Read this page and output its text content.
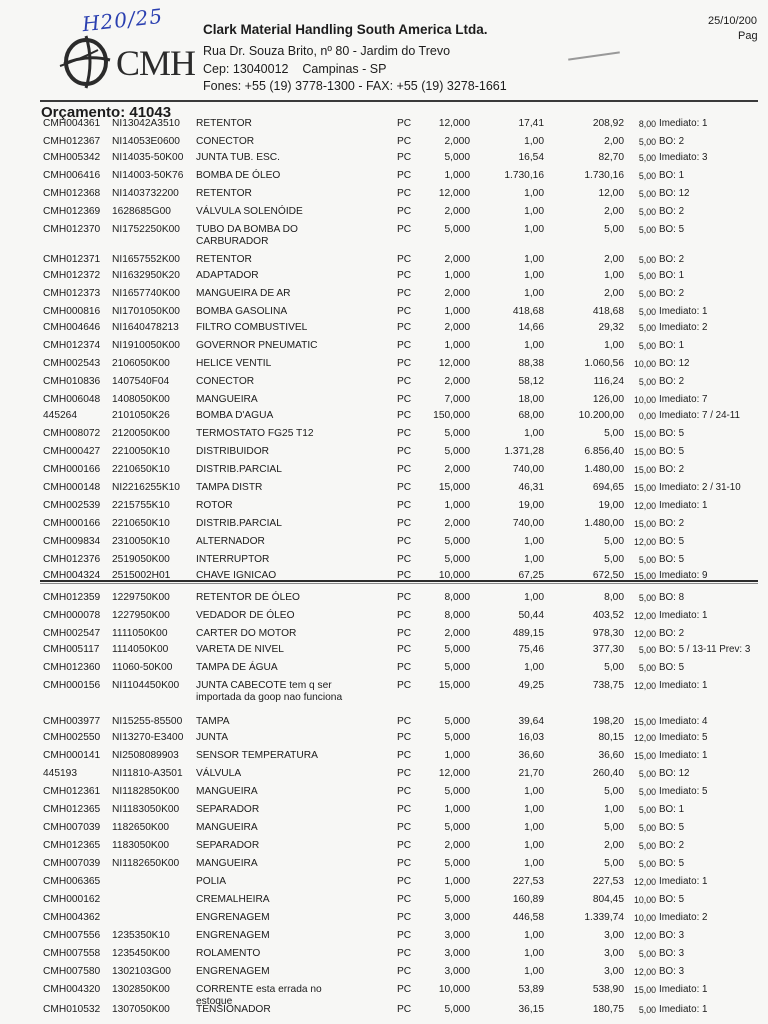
H20/25
CMH
Clark Material Handling South America Ltda.
Rua Dr. Souza Brito, nº 80 - Jardim do Trevo
Cep: 13040012    Campinas - SP
Fones: +55 (19) 3778-1300 - FAX: +55 (19) 3278-1661
25/10/200
Pag
Orçamento: 41043
CMH004361 NI13042A3510 RETENTOR	PC	12,000	17,41	208,92	8,00 Imediato: 1
CMH012367 NI14053E0600 CONECTOR	PC	2,000	1,00	2,00	5,00 BO: 2
CMH005342 NI14035-50K00 JUNTA TUB. ESC.	PC	5,000	16,54	82,70	5,00 Imediato: 3
CMH006416 NI14003-50K76 BOMBA DE ÓLEO	PC	1,000	1.730,16	1.730,16	5,00 BO: 1
CMH012368 NI1403732200 RETENTOR	PC	12,000	1,00	12,00	5,00 BO: 12
CMH012369 1628685G00 VÁLVULA SOLENÓIDE	PC	2,000	1,00	2,00	5,00 BO: 2
CMH012370 NI1752250K00 TUBO DA BOMBA DO CARBURADOR
PC	5,000	1,00	5,00	5,00 BO: 5
CMH012371 NI1657552K00 RETENTOR	PC	2,000	1,00	2,00	5,00 BO: 2
CMH012372 NI1632950K20 ADAPTADOR	PC	1,000	1,00	1,00	5,00 BO: 1
CMH012373 NI1657740K00 MANGUEIRA DE AR	PC	2,000	1,00	2,00	5,00 BO: 2
CMH000816 NI1701050K00 BOMBA GASOLINA	PC	1,000	418,68	418,68	5,00 Imediato: 1
CMH004646 NI1640478213 FILTRO COMBUSTIVEL	PC	2,000	14,66	29,32	5,00 Imediato: 2
CMH012374 NI1910050K00 GOVERNOR PNEUMATIC	PC	1,000	1,00	1,00	5,00 BO: 1
CMH002543 2106050K00	HELICE VENTIL	PC	12,000	88,38	1.060,56	10,00 BO: 12
CMH010836 1407540F04	CONECTOR	PC	2,000	58,12	116,24	5,00 BO: 2
CMH006048 1408050K00	MANGUEIRA	PC	7,000	18,00	126,00	10,00 Imediato: 7
445264	2101050K26	BOMBA D'AGUA	PC	150,000	68,00	10.200,00	0,00 Imediato: 7 / 24-11
CMH008072 2120050K00	TERMOSTATO FG25 T12	PC	5,000	1,00	5,00	15,00 BO: 5
CMH000427 2210050K10	DISTRIBUIDOR	PC	5,000	1.371,28	6.856,40	15,00 BO: 5
CMH000166 2210650K10	DISTRIB.PARCIAL	PC	2,000	740,00	1.480,00	15,00 BO: 2
CMH000148 NI2216255K10 TAMPA DISTR	PC	15,000	46,31	694,65	15,00 Imediato: 2 / 31-10
CMH002539 2215755K10	ROTOR	PC	1,000	19,00	19,00	12,00 Imediato: 1
CMH000166 2210650K10	DISTRIB.PARCIAL	PC	2,000	740,00	1.480,00	15,00 BO: 2
CMH009834 2310050K10	ALTERNADOR	PC	5,000	1,00	5,00	12,00 BO: 5
CMH012376 2519050K00	INTERRUPTOR	PC	5,000	1,00	5,00	5,00 BO: 5
CMH004324 2515002H01	CHAVE IGNICAO	PC	10,000	67,25	672,50	15,00 Imediato: 9
CMH012359 1229750K00	RETENTOR DE ÓLEO	PC	8,000	1,00	8,00	5,00 BO: 8
CMH000078 1227950K00	VEDADOR DE ÓLEO	PC	8,000	50,44	403,52	12,00 Imediato: 1
CMH002547 1111050K00	CARTER DO MOTOR	PC	2,000	489,15	978,30	12,00 BO: 2
CMH005117 1114050K00	VARETA DE NIVEL	PC	5,000	75,46	377,30	5,00 BO: 5 / 13-11 Prev: 3
CMH012360 11060-50K00 TAMPA DE ÁGUA	PC	5,000	1,00	5,00	5,00 BO: 5
CMH000156 NI1104450K00 JUNTA CABECOTE tem q ser importada da goop nao funciona
PC	15,000	49,25	738,75	12,00 Imediato: 1
CMH003977 NI15255-85500 TAMPA	PC	5,000	39,64	198,20	15,00 Imediato: 4
CMH002550 NI13270-E3400 JUNTA	PC	5,000	16,03	80,15	12,00 Imediato: 5
CMH000141 NI2508089903 SENSOR TEMPERATURA	PC	1,000	36,60	36,60	15,00 Imediato: 1
445193	NI11810-A3501 VÁLVULA	PC	12,000	21,70	260,40	5,00 BO: 12
CMH012361 NI1182850K00 MANGUEIRA	PC	5,000	1,00	5,00	5,00 Imediato: 5
CMH012365 NI1183050K00 SEPARADOR	PC	1,000	1,00	1,00	5,00 BO: 1
CMH007039 1182650K00	MANGUEIRA	PC	5,000	1,00	5,00	5,00 BO: 5
CMH012365 1183050K00	SEPARADOR	PC	2,000	1,00	2,00	5,00 BO: 2
CMH007039 NI1182650K00 MANGUEIRA	PC	5,000	1,00	5,00	5,00 BO: 5
CMH006365	POLIA	PC	1,000	227,53	227,53	12,00 Imediato: 1
CMH000162	CREMALHEIRA	PC	5,000	160,89	804,45	10,00 BO: 5
CMH004362	ENGRENAGEM	PC	3,000	446,58	1.339,74	10,00 Imediato: 2
CMH007556 1235350K10	ENGRENAGEM	PC	3,000	1,00	3,00	12,00 BO: 3
CMH007558 1235450K00	ROLAMENTO	PC	3,000	1,00	3,00	5,00 BO: 3
CMH007580 1302103G00 ENGRENAGEM	PC	3,000	1,00	3,00	12,00 BO: 3
CMH004320 1302850K00	CORRENTE esta errada no estoque
PC	10,000	53,89	538,90	15,00 Imediato: 1
CMH010532 1307050K00	TENSIONADOR	PC	5,000	36,15	180,75	5,00 Imediato: 1
